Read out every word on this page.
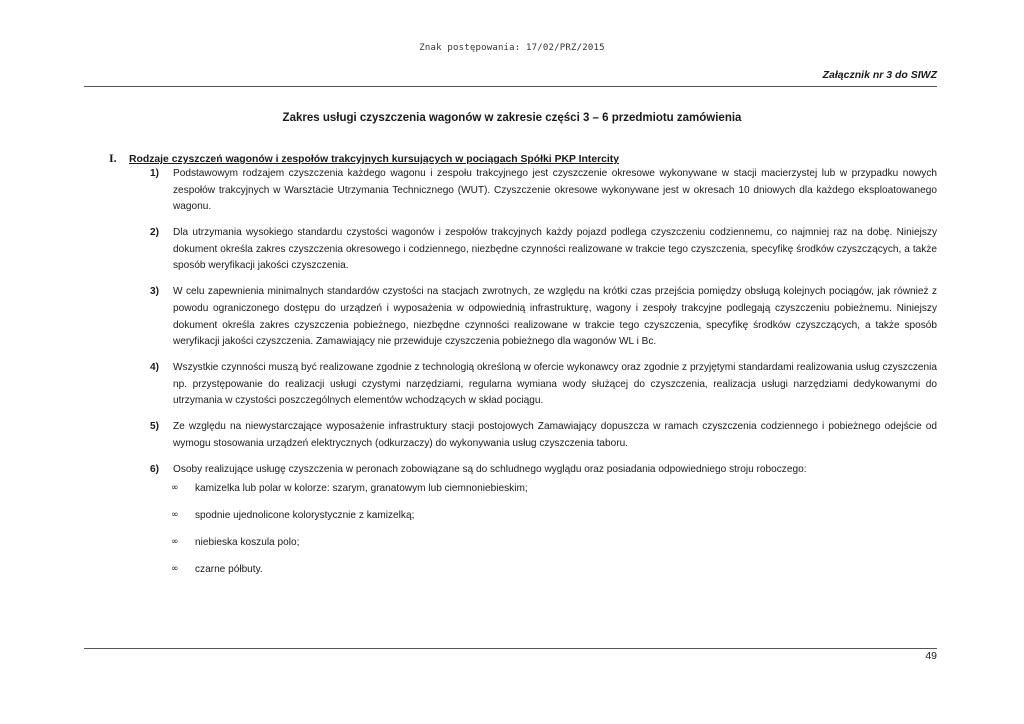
Znak postępowania: 17/02/PRZ/2015
Załącznik nr 3 do SIWZ
Zakres usługi czyszczenia wagonów w zakresie części 3 – 6 przedmiotu zamówienia
I.	Rodzaje czyszczeń wagonów i zespołów trakcyjnych kursujących w pociągach Spółki PKP Intercity
1)	Podstawowym rodzajem czyszczenia każdego wagonu i zespołu trakcyjnego jest czyszczenie okresowe wykonywane w stacji macierzystej lub w przypadku nowych zespołów trakcyjnych w Warsztacie Utrzymania Technicznego (WUT). Czyszczenie okresowe wykonywane jest w okresach 10 dniowych dla każdego eksploatowanego wagonu.
2)	Dla utrzymania wysokiego standardu czystości wagonów i zespołów trakcyjnych każdy pojazd podlega czyszczeniu codziennemu, co najmniej raz na dobę. Niniejszy dokument określa zakres czyszczenia okresowego i codziennego, niezbędne czynności realizowane w trakcie tego czyszczenia, specyfikę środków czyszczących, a także sposób weryfikacji jakości czyszczenia.
3)	W celu zapewnienia minimalnych standardów czystości na stacjach zwrotnych, ze względu na krótki czas przejścia pomiędzy obsługą kolejnych pociągów, jak również z powodu ograniczonego dostępu do urządzeń i wyposażenia w odpowiednią infrastrukturę, wagony i zespoły trakcyjne podlegają czyszczeniu pobieżnemu. Niniejszy dokument określa zakres czyszczenia pobieżnego, niezbędne czynności realizowane w trakcie tego czyszczenia, specyfikę środków czyszczących, a także sposób weryfikacji jakości czyszczenia. Zamawiający nie przewiduje czyszczenia pobieżnego dla wagonów WL i Bc.
4)	Wszystkie czynności muszą być realizowane zgodnie z technologią określoną w ofercie wykonawcy oraz zgodnie z przyjętymi standardami realizowania usług czyszczenia np. przystępowanie do realizacji usługi czystymi narzędziami, regularna wymiana wody służącej do czyszczenia, realizacja usługi narzędziami dedykowanymi do utrzymania w czystości poszczególnych elementów wchodzących w skład pociągu.
5)	Ze względu na niewystarczające wyposażenie infrastruktury stacji postojowych Zamawiający dopuszcza w ramach czyszczenia codziennego i pobieżnego odejście od wymogu stosowania urządzeń elektrycznych (odkurzaczy) do wykonywania usług czyszczenia taboru.
6)	Osoby realizujące usługę czyszczenia w peronach zobowiązane są do schludnego wyglądu oraz posiadania odpowiedniego stroju roboczego:
∞	kamizelka lub polar w kolorze: szarym, granatowym lub ciemnoniebieskim;
∞	spodnie ujednolicone kolorystycznie z kamizelką;
∞	niebieska koszula polo;
∞	czarne półbuty.
49
